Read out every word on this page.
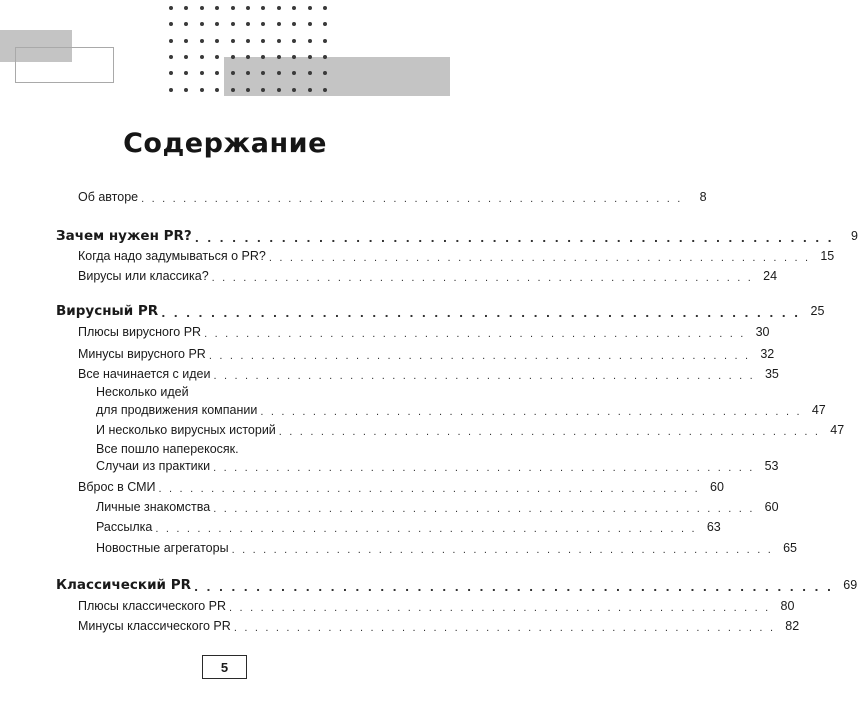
Содержание
Об авторе . . . . . . . . . . . . . . . . . . . . . . . . . . . . . . . . . . . . . . . . . . . . . . . . . . . .	8
Зачем нужен PR? . . . . . . . . . . . . . . . . . . . . . . . . . . . . . . . . . . . . . . . . . . . . . . . . . . . .	9
Когда надо задумываться о PR? . . . . . . . . . . . . . . . . . . . . . . . . . . . . . . . . . . . . . . . . . . . . . . . . . . . . 15
Вирусы или классика? . . . . . . . . . . . . . . . . . . . . . . . . . . . . . . . . . . . . . . . . . . . . . . . . . . . . 24
Вирусный PR . . . . . . . . . . . . . . . . . . . . . . . . . . . . . . . . . . . . . . . . . . . . . . . . . . . . 25
Плюсы вирусного PR . . . . . . . . . . . . . . . . . . . . . . . . . . . . . . . . . . . . . . . . . . . . . . . . . . . . 30
Минусы вирусного PR . . . . . . . . . . . . . . . . . . . . . . . . . . . . . . . . . . . . . . . . . . . . . . . . . . . . 32
Все начинается с идеи . . . . . . . . . . . . . . . . . . . . . . . . . . . . . . . . . . . . . . . . . . . . . . . . . . . . 35
Несколько идей
для продвижения компании . . . . . . . . . . . . . . . . . . . . . . . . . . . . . . . . . . . . . . . . . . . . . . . . . . . . 47
И несколько вирусных историй . . . . . . . . . . . . . . . . . . . . . . . . . . . . . . . . . . . . . . . . . . . . . . . . . . . . 47
Все пошло наперекосяк.
Случаи из практики . . . . . . . . . . . . . . . . . . . . . . . . . . . . . . . . . . . . . . . . . . . . . . . . . . . . 53
Вброс в СМИ . . . . . . . . . . . . . . . . . . . . . . . . . . . . . . . . . . . . . . . . . . . . . . . . . . . . 60
Личные знакомства . . . . . . . . . . . . . . . . . . . . . . . . . . . . . . . . . . . . . . . . . . . . . . . . . . . . 60
Рассылка . . . . . . . . . . . . . . . . . . . . . . . . . . . . . . . . . . . . . . . . . . . . . . . . . . . . 63
Новостные агрегаторы . . . . . . . . . . . . . . . . . . . . . . . . . . . . . . . . . . . . . . . . . . . . . . . . . . . . 65
Классический PR . . . . . . . . . . . . . . . . . . . . . . . . . . . . . . . . . . . . . . . . . . . . . . . . . . . . 69
Плюсы классического PR . . . . . . . . . . . . . . . . . . . . . . . . . . . . . . . . . . . . . . . . . . . . . . . . . . . . 80
Минусы классического PR . . . . . . . . . . . . . . . . . . . . . . . . . . . . . . . . . . . . . . . . . . . . . . . . . . . . 82
5
